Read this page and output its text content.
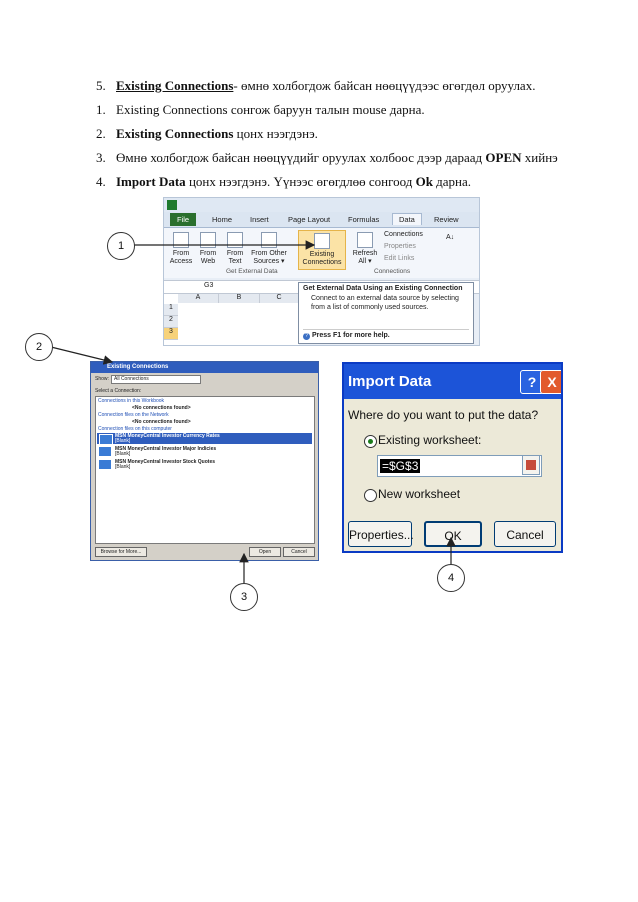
5. Existing Connections- өмнө холбогдож байсан нөөцүүдээс өгөгдөл оруулах.
1. Existing Connections сонгож баруун талын mouse дарна.
2. Existing Connections цонх нээгдэнэ.
3. Өмнө холбогдож байсан нөөцүүдийг оруулах холбоос дээр дараад OPEN хийнэ
4. Import Data цонх нээгдэнэ. Үүнээс өгөгдлөө сонгоод Ok дарна.
File	Home Insert	Page Layout Formulas	Data	Review
From
Access
From
Web
From
Text
From Other
Sources ▾
Existing
Connections
Refresh
All ▾
Connections
Properties
Edit Links
A↓
Get External Data	Connections
G3
A	B	C
1
2
3
Get External Data Using an Existing Connection
Connect to an external data source by selecting from a list of commonly used sources.
? Press F1 for more help.
Existing Connections
Show:	All Connections
Select a Connection:
Connections in this Workbook
<No connections found>
Connection files on the Network
<No connections found>
Connection files on this computer
MSN MoneyCentral Investor Currency Rates
[Blank]
MSN MoneyCentral Investor Major Indicies
[Blank]
MSN MoneyCentral Investor Stock Quotes
[Blank]
Browse for More...	Open	Cancel
Import Data	? X
Where do you want to put the data?
Existing worksheet:
=$G$3
New worksheet
Properties...	OK	Cancel
1
2
3
4
